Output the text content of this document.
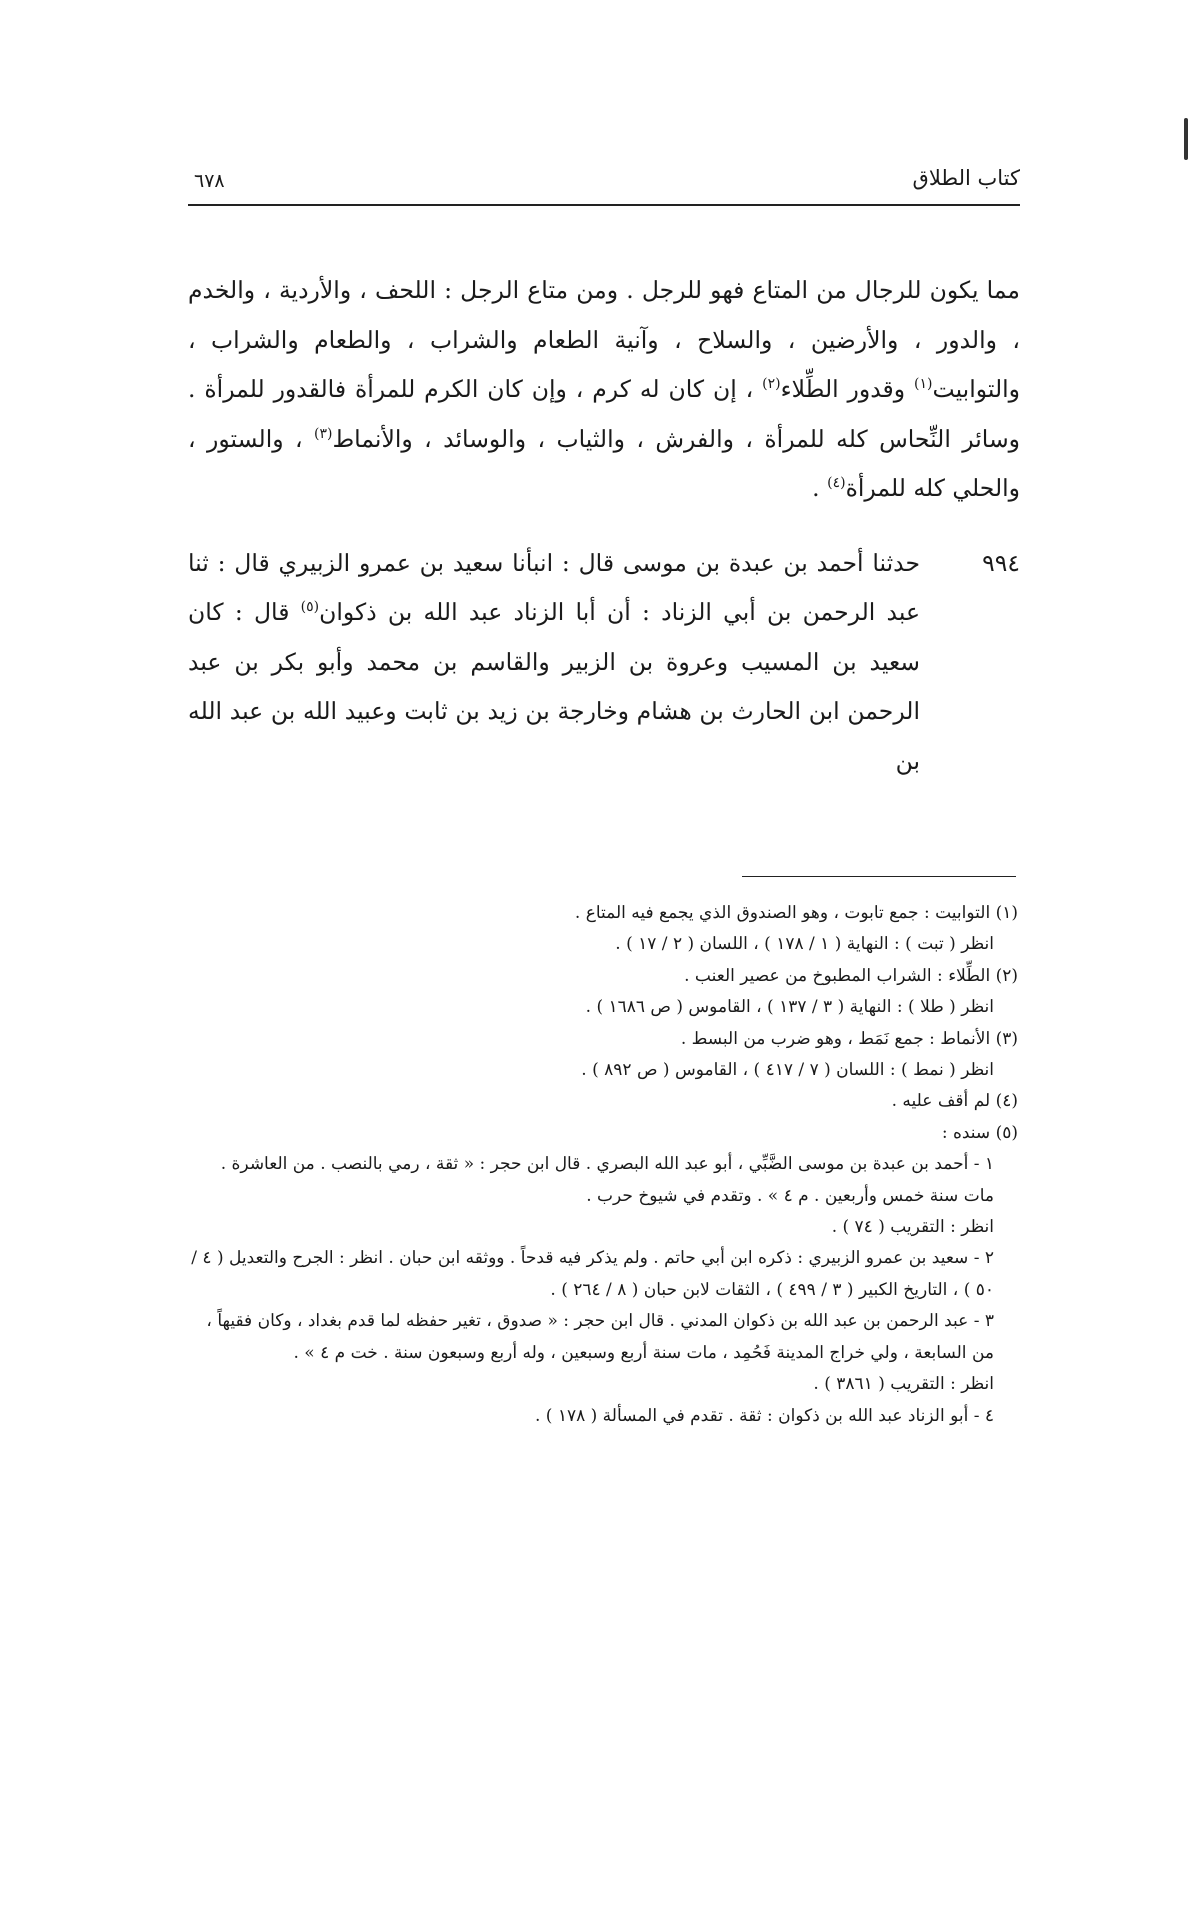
كتاب الطلاق
٦٧٨

مما يكون للرجال من المتاع فهو للرجل . ومن متاع الرجل : اللحف ، والأردية ، والخدم ، والدور ، والأرضين ، والسلاح ، وآنية الطعام والشراب ، والطعام والشراب ، والتوابيت$^{(١)}$ وقدور الطِّلاء$^{(٢)}$ ، إن كان له كرم ، وإن كان الكرم للمرأة فالقدور للمرأة . وسائر النِّحاس كله للمرأة ، والفرش ، والثياب ، والوسائد ، والأنماط$^{(٣)}$ ، والستور ، والحلي كله للمرأة$^{(٤)}$ .

٩٩٤

حدثنا أحمد بن عبدة بن موسى قال : انبأنا سعيد بن عمرو الزبيري قال : ثنا عبد الرحمن بن أبي الزناد : أن أبا الزناد عبد الله بن ذكوان$^{(٥)}$ قال : كان سعيد بن المسيب وعروة بن الزبير والقاسم بن محمد وأبو بكر بن عبد الرحمن ابن الحارث بن هشام وخارجة بن زيد بن ثابت وعبيد الله بن عبد الله بن

(١) التوابيت : جمع تابوت ، وهو الصندوق الذي يجمع فيه المتاع .

انظر ( تبت ) : النهاية ( ١ / ١٧٨ ) ، اللسان ( ٢ / ١٧ ) .

(٢) الطِّلاء : الشراب المطبوخ من عصير العنب .

انظر ( طلا ) : النهاية ( ٣ / ١٣٧ ) ، القاموس ( ص ١٦٨٦ ) .

(٣) الأنماط : جمع نَمَط ، وهو ضرب من البسط .

انظر ( نمط ) : اللسان ( ٧ / ٤١٧ ) ، القاموس ( ص ٨٩٢ ) .

(٤) لم أقف عليه .

(٥) سنده :

١ - أحمد بن عبدة بن موسى الضَّبِّي ، أبو عبد الله البصري . قال ابن حجر : « ثقة ، رمي بالنصب . من العاشرة . مات سنة خمس وأربعين . م ٤ » . وتقدم في شيوخ حرب .

انظر : التقريب ( ٧٤ ) .

٢ - سعيد بن عمرو الزبيري : ذكره ابن أبي حاتم . ولم يذكر فيه قدحاً . ووثقه ابن حبان . انظر : الجرح والتعديل ( ٤ / ٥٠ ) ، التاريخ الكبير ( ٣ / ٤٩٩ ) ، الثقات لابن حبان ( ٨ / ٢٦٤ ) .

٣ - عبد الرحمن بن عبد الله بن ذكوان المدني . قال ابن حجر : « صدوق ، تغير حفظه لما قدم بغداد ، وكان فقيهاً ، من السابعة ، ولي خراج المدينة فَحُمِد ، مات سنة أربع وسبعين ، وله أربع وسبعون سنة . خت م ٤ » .

انظر : التقريب ( ٣٨٦١ ) .

٤ - أبو الزناد عبد الله بن ذكوان : ثقة . تقدم في المسألة ( ١٧٨ ) .
